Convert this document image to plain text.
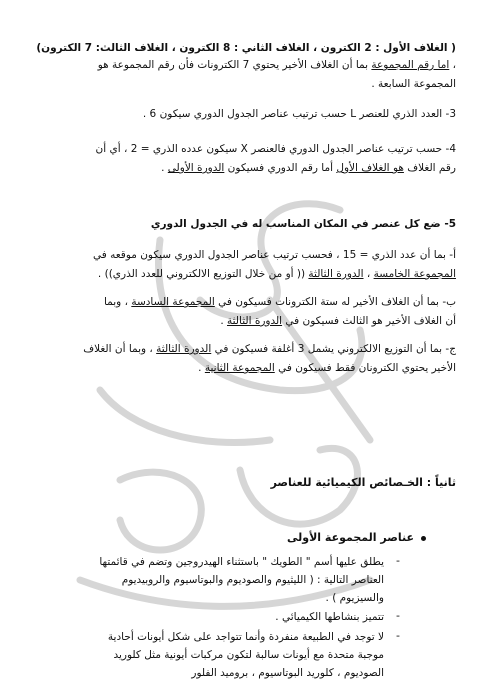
( الغلاف الأول : 2 الكترون ، الغلاف الثاني : 8 الكترون ، الغلاف الثالث: 7 الكترون)
، اما رقم المجموعة بما أن الغلاف الأخير يحتوي 7 الكترونات فأن رقم المجموعة هو
المجموعة السابعة .
3- العدد الذري للعنصر L حسب ترتيب عناصر الجدول الدوري سيكون 6 .
4- حسب ترتيب عناصر الجدول الدوري فالعنصر X سيكون عدده الذري = 2 ، أي أن
رقم الغلاف هو الغلاف الأول أما رقم الدوري فسيكون الدورة الأولى .
5- ضع كل عنصر في المكان المناسب له في الجدول الدوري
أ- بما أن عدد الذري = 15 ، فحسب ترتيب عناصر الجدول الدوري سيكون موقعه في
المجموعة الخامسة ، الدورة الثالثة (( أو من خلال التوزيع الالكتروني للعدد الذري)) .
ب- بما أن الغلاف الأخير له ستة الكترونات فسيكون في المجموعة السادسة ، وبما
أن الغلاف الأخير هو الثالث فسيكون في الدورة الثالثة .
ج- بما أن التوزيع الالكتروني يشمل 3 أغلفة فسيكون في الدورة الثالثة ، وبما أن الغلاف
الأخير يحتوي الكترونان فقط فسيكون في المجموعة الثانية .
ثانياً : الخـصائص الكيميائية للعناصر
عناصر المجموعة الأولى
-
يطلق عليها أسم " الطويك " باستثناء الهيدروجين وتضم في قائمتها
العناصر التالية : ( الليثيوم والصوديوم والبوتاسيوم والروبيديوم
والسيزيوم ) .
-
تتميز بنشاطها الكيميائي .
-
لا توجد في الطبيعة منفردة وأنما تتواجد على شكل أيونات أحادية
موجبة متحدة مع أيونات سالبة لتكون مركبات أيونية مثل كلوريد
الصوديوم ، كلوريد البوتاسيوم ، بروميد الفلور
